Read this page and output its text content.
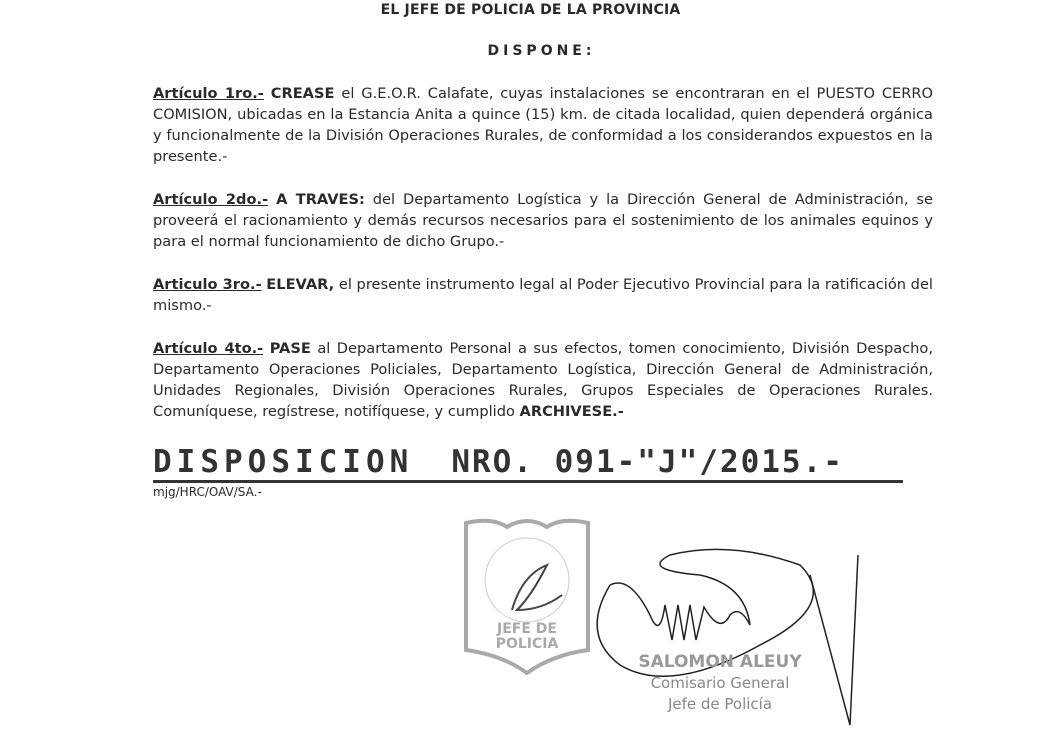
EL JEFE DE POLICIA DE LA PROVINCIA
DISPONE:
Artículo 1ro.- CREASE el G.E.O.R. Calafate, cuyas instalaciones se encontraran en el PUESTO CERRO COMISION, ubicadas en la Estancia Anita a quince (15) km. de citada localidad, quien dependerá orgánica y funcionalmente de la División Operaciones Rurales, de conformidad a los considerandos expuestos en la presente.-
Artículo 2do.- A TRAVES: del Departamento Logística y la Dirección General de Administración, se proveerá el racionamiento y demás recursos necesarios para el sostenimiento de los animales equinos y para el normal funcionamiento de dicho Grupo.-
Articulo 3ro.- ELEVAR, el presente instrumento legal al Poder Ejecutivo Provincial para la ratificación del mismo.-
Artículo 4to.- PASE al Departamento Personal a sus efectos, tomen conocimiento, División Despacho, Departamento Operaciones Policiales, Departamento Logística, Dirección General de Administración, Unidades Regionales, División Operaciones Rurales, Grupos Especiales de Operaciones Rurales. Comuníquese, regístrese, notifíquese, y cumplido ARCHIVESE.-
DISPOSICION NRO. 091-"J"/2015.-
mjg/HRC/OAV/SA.-
JEFE DE
POLICIA
SALOMON ALEUY
Comisario General
Jefe de Policía
